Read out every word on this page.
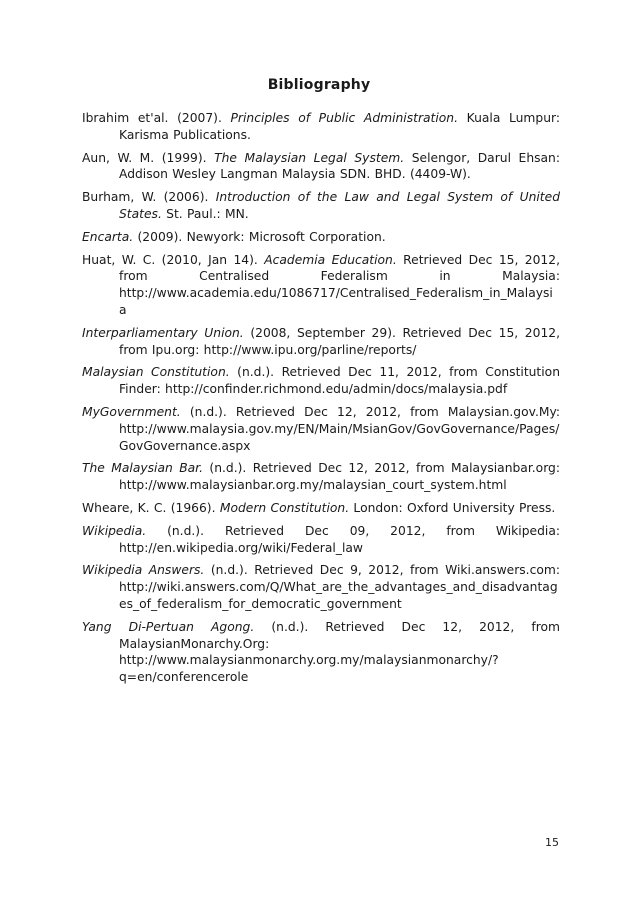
Bibliography
Ibrahim et'al. (2007). Principles of Public Administration. Kuala Lumpur: Karisma Publications.
Aun, W. M. (1999). The Malaysian Legal System. Selengor, Darul Ehsan: Addison Wesley Langman Malaysia SDN. BHD. (4409-W).
Burham, W. (2006). Introduction of the Law and Legal System of United States. St. Paul.: MN.
Encarta. (2009). Newyork: Microsoft Corporation.
Huat, W. C. (2010, Jan 14). Academia Education. Retrieved Dec 15, 2012, from Centralised Federalism in Malaysia: http://www.academia.edu/1086717/Centralised_Federalism_in_Malaysia
Interparliamentary Union. (2008, September 29). Retrieved Dec 15, 2012, from Ipu.org: http://www.ipu.org/parline/reports/
Malaysian Constitution. (n.d.). Retrieved Dec 11, 2012, from Constitution Finder: http://confinder.richmond.edu/admin/docs/malaysia.pdf
MyGovernment. (n.d.). Retrieved Dec 12, 2012, from Malaysian.gov.My: http://www.malaysia.gov.my/EN/Main/MsianGov/GovGovernance/Pages/GovGovernance.aspx
The Malaysian Bar. (n.d.). Retrieved Dec 12, 2012, from Malaysianbar.org: http://www.malaysianbar.org.my/malaysian_court_system.html
Wheare, K. C. (1966). Modern Constitution. London: Oxford University Press.
Wikipedia. (n.d.). Retrieved Dec 09, 2012, from Wikipedia: http://en.wikipedia.org/wiki/Federal_law
Wikipedia Answers. (n.d.). Retrieved Dec 9, 2012, from Wiki.answers.com: http://wiki.answers.com/Q/What_are_the_advantages_and_disadvantages_of_federalism_for_democratic_government
Yang Di-Pertuan Agong. (n.d.). Retrieved Dec 12, 2012, from MalaysianMonarchy.Org: http://www.malaysianmonarchy.org.my/malaysianmonarchy/?q=en/conferencerole
15
